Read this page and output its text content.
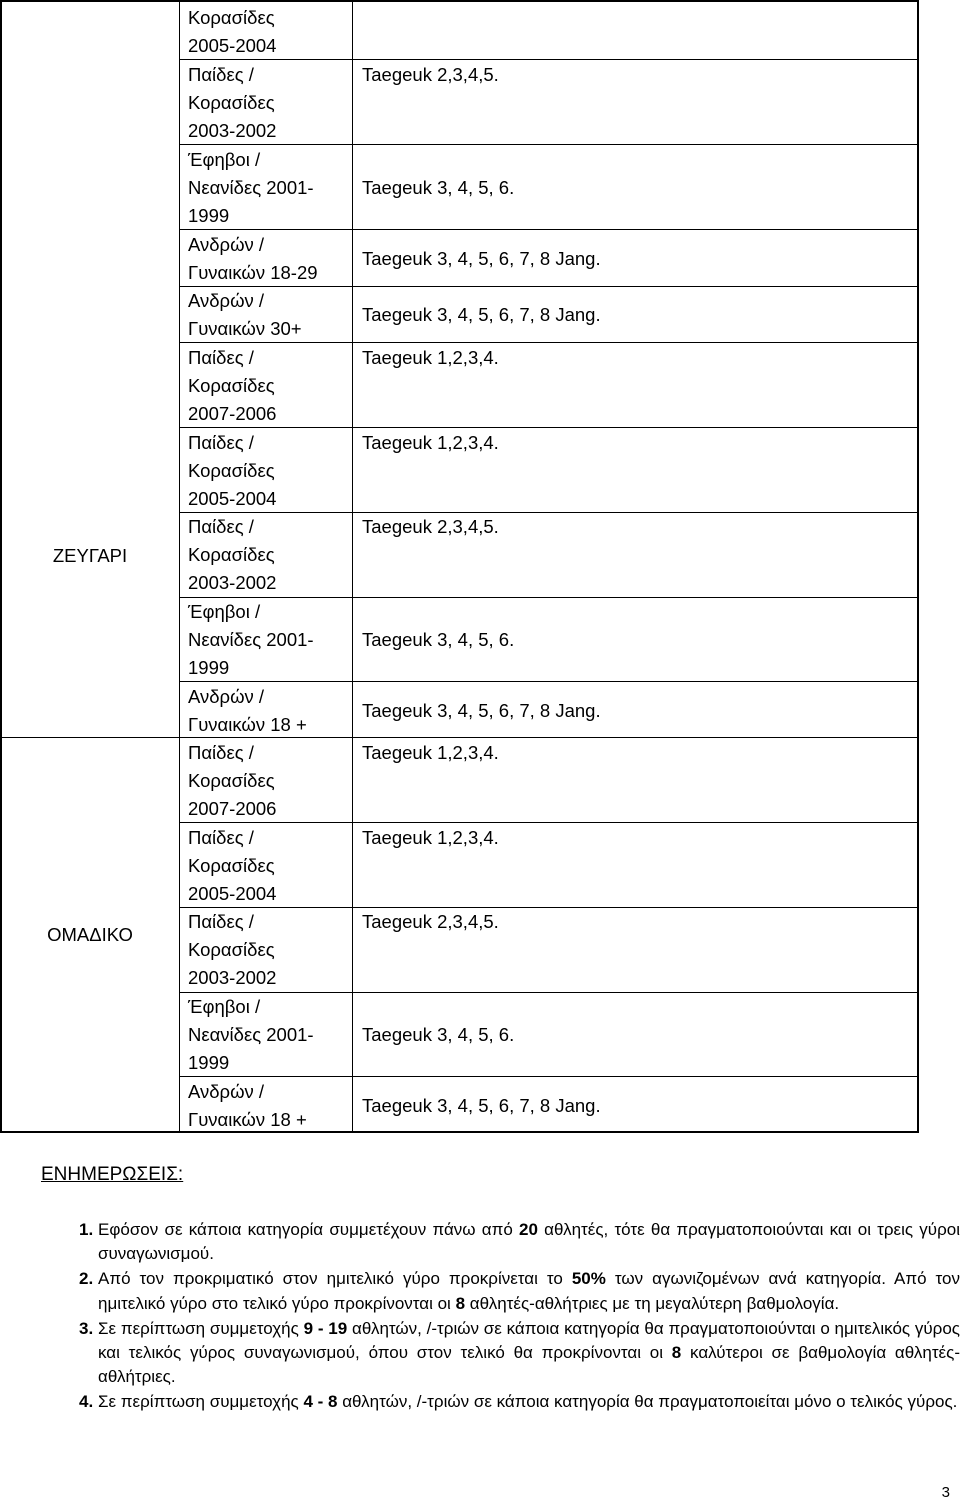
ΖΕΥΓΑΡΙ
ΟΜΑΔΙΚΟ
Κορασίδες
2005-2004
Παίδες /
Κορασίδες
2003-2002
Έφηβοι /
Νεανίδες 2001-
1999
Ανδρών /
Γυναικών 18-29
Ανδρών /
Γυναικών 30+
Παίδες /
Κορασίδες
2007-2006
Παίδες /
Κορασίδες
2005-2004
Παίδες /
Κορασίδες
2003-2002
Έφηβοι /
Νεανίδες 2001-
1999
Ανδρών /
Γυναικών 18 +
Παίδες /
Κορασίδες
2007-2006
Παίδες /
Κορασίδες
2005-2004
Παίδες /
Κορασίδες
2003-2002
Έφηβοι /
Νεανίδες 2001-
1999
Ανδρών /
Γυναικών 18 +
Taegeuk 2,3,4,5.
Taegeuk 3, 4, 5, 6.
Taegeuk 3, 4, 5, 6, 7, 8 Jang.
Taegeuk 3, 4, 5, 6, 7, 8 Jang.
Taegeuk 1,2,3,4.
Taegeuk 1,2,3,4.
Taegeuk 2,3,4,5.
Taegeuk 3, 4, 5, 6.
Taegeuk 3, 4, 5, 6, 7, 8 Jang.
Taegeuk 1,2,3,4.
Taegeuk 1,2,3,4.
Taegeuk 2,3,4,5.
Taegeuk 3, 4, 5, 6.
Taegeuk 3, 4, 5, 6, 7, 8 Jang.
ΕΝΗΜΕΡΩΣΕΙΣ:
1. Εφόσον σε κάποια κατηγορία συμμετέχουν πάνω από 20 αθλητές, τότε θα πραγματοποιούνται και οι τρεις γύροι συναγωνισμού.
2. Από τον προκριματικό στον ημιτελικό γύρο προκρίνεται το 50% των αγωνιζομένων ανά κατηγορία. Από τον ημιτελικό γύρο στο τελικό γύρο προκρίνονται οι 8 αθλητές-αθλήτριες με τη μεγαλύτερη βαθμολογία.
3. Σε περίπτωση συμμετοχής 9 - 19 αθλητών, /-τριών σε κάποια κατηγορία θα πραγματοποιούνται ο ημιτελικός γύρος και τελικός γύρος συναγωνισμού, όπου στον τελικό θα προκρίνονται οι 8 καλύτεροι σε βαθμολογία αθλητές-αθλήτριες.
4. Σε περίπτωση συμμετοχής 4 - 8 αθλητών, /-τριών σε κάποια κατηγορία θα πραγματοποιείται μόνο ο τελικός γύρος.
3
